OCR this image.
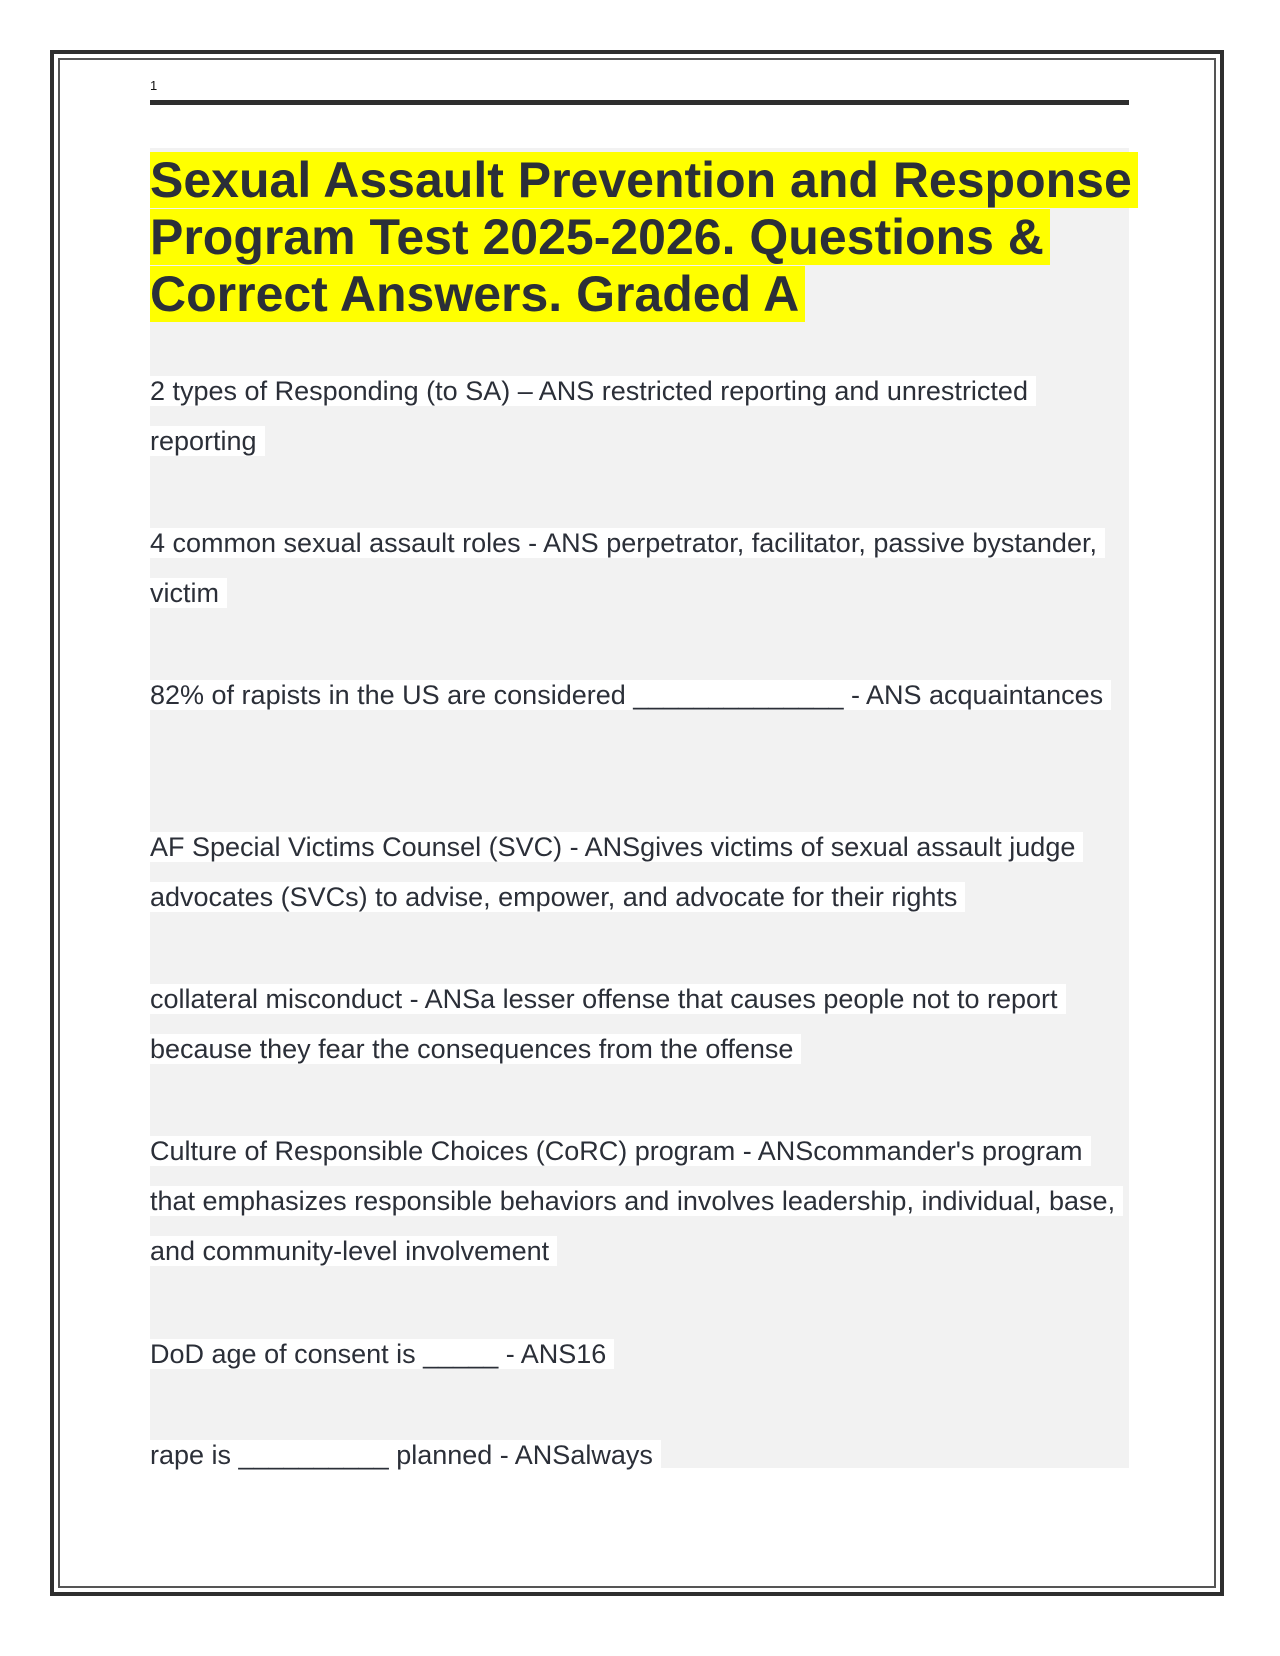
1
Sexual Assault Prevention and Response Program Test 2025-2026. Questions & Correct Answers. Graded A

2 types of Responding (to SA) – ANS restricted reporting and unrestricted reporting

4 common sexual assault roles - ANS perpetrator, facilitator, passive bystander, victim

82% of rapists in the US are considered ______________ - ANS acquaintances

AF Special Victims Counsel (SVC) - ANSgives victims of sexual assault judge advocates (SVCs) to advise, empower, and advocate for their rights

collateral misconduct - ANSa lesser offense that causes people not to report because they fear the consequences from the offense

Culture of Responsible Choices (CoRC) program - ANScommander's program that emphasizes responsible behaviors and involves leadership, individual, base, and community-level involvement

DoD age of consent is _____ - ANS16

rape is __________ planned - ANSalways
